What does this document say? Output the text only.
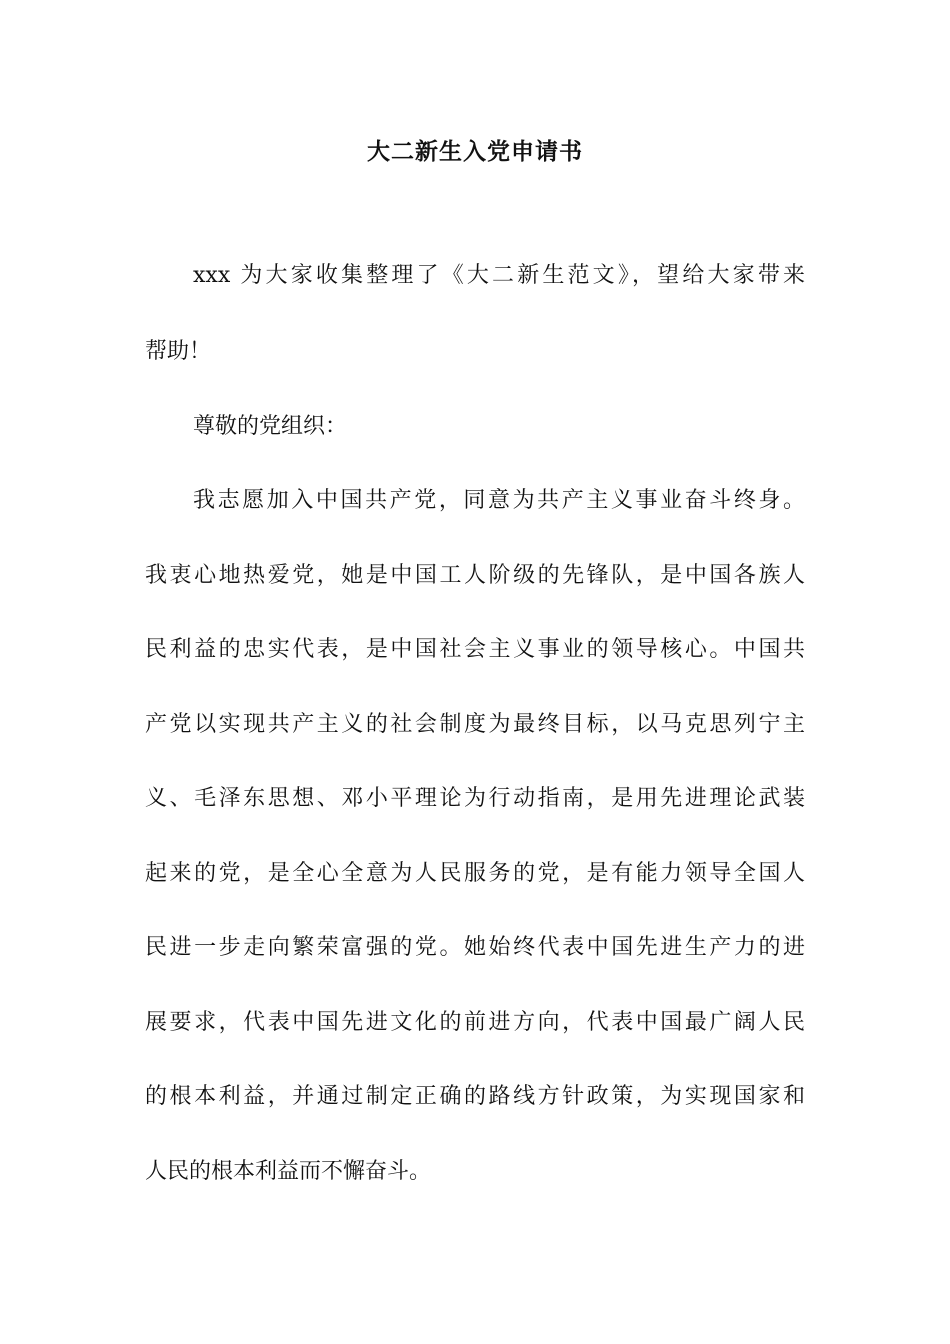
大二新生入党申请书

xxx 为大家收集整理了《大二新生范文》，望给大家带来

帮助！

尊敬的党组织：

我志愿加入中国共产党，同意为共产主义事业奋斗终身。

我衷心地热爱党，她是中国工人阶级的先锋队，是中国各族人

民利益的忠实代表，是中国社会主义事业的领导核心。中国共

产党以实现共产主义的社会制度为最终目标，以马克思列宁主

义、毛泽东思想、邓小平理论为行动指南，是用先进理论武装

起来的党，是全心全意为人民服务的党，是有能力领导全国人

民进一步走向繁荣富强的党。她始终代表中国先进生产力的进

展要求，代表中国先进文化的前进方向，代表中国最广阔人民

的根本利益，并通过制定正确的路线方针政策，为实现国家和

人民的根本利益而不懈奋斗。
